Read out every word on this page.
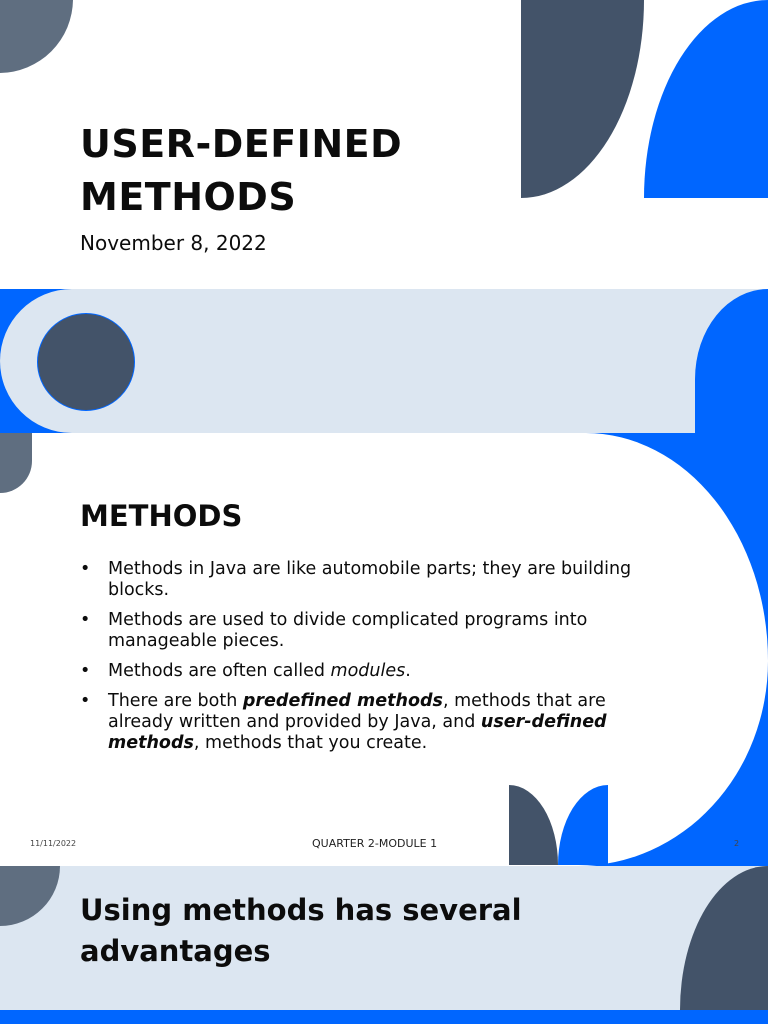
USER-DEFINED
METHODS
November 8, 2022
METHODS
• Methods in Java are like automobile parts; they are building blocks.
• Methods are used to divide complicated programs into manageable pieces.
• Methods are often called modules.
• There are both predefined methods, methods that are already written and provided by Java, and user-defined methods, methods that you create.
11/11/2022	QUARTER 2-MODULE 1	2
Using methods has several advantages
